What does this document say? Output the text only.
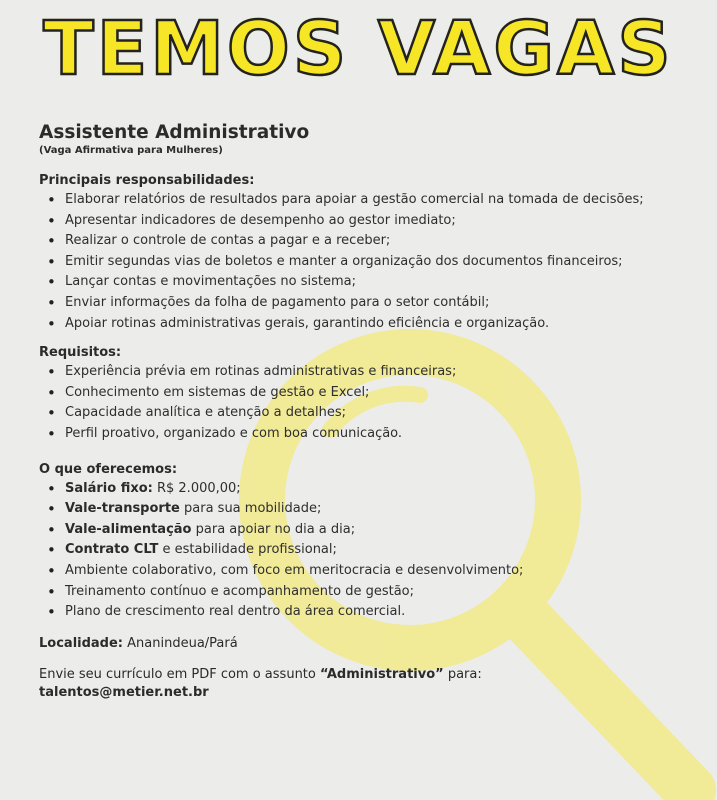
TEMOS VAGAS
Assistente Administrativo
(Vaga Afirmativa para Mulheres)
Principais responsabilidades:
• Elaborar relatórios de resultados para apoiar a gestão comercial na tomada de decisões;
• Apresentar indicadores de desempenho ao gestor imediato;
• Realizar o controle de contas a pagar e a receber;
• Emitir segundas vias de boletos e manter a organização dos documentos financeiros;
• Lançar contas e movimentações no sistema;
• Enviar informações da folha de pagamento para o setor contábil;
• Apoiar rotinas administrativas gerais, garantindo eficiência e organização.
Requisitos:
• Experiência prévia em rotinas administrativas e financeiras;
• Conhecimento em sistemas de gestão e Excel;
• Capacidade analítica e atenção a detalhes;
• Perfil proativo, organizado e com boa comunicação.
O que oferecemos:
• Salário fixo: R$ 2.000,00;
• Vale-transporte para sua mobilidade;
• Vale-alimentação para apoiar no dia a dia;
• Contrato CLT e estabilidade profissional;
• Ambiente colaborativo, com foco em meritocracia e desenvolvimento;
• Treinamento contínuo e acompanhamento de gestão;
• Plano de crescimento real dentro da área comercial.
Localidade: Ananindeua/Pará
Envie seu currículo em PDF com o assunto “Administrativo” para:
talentos@metier.net.br
